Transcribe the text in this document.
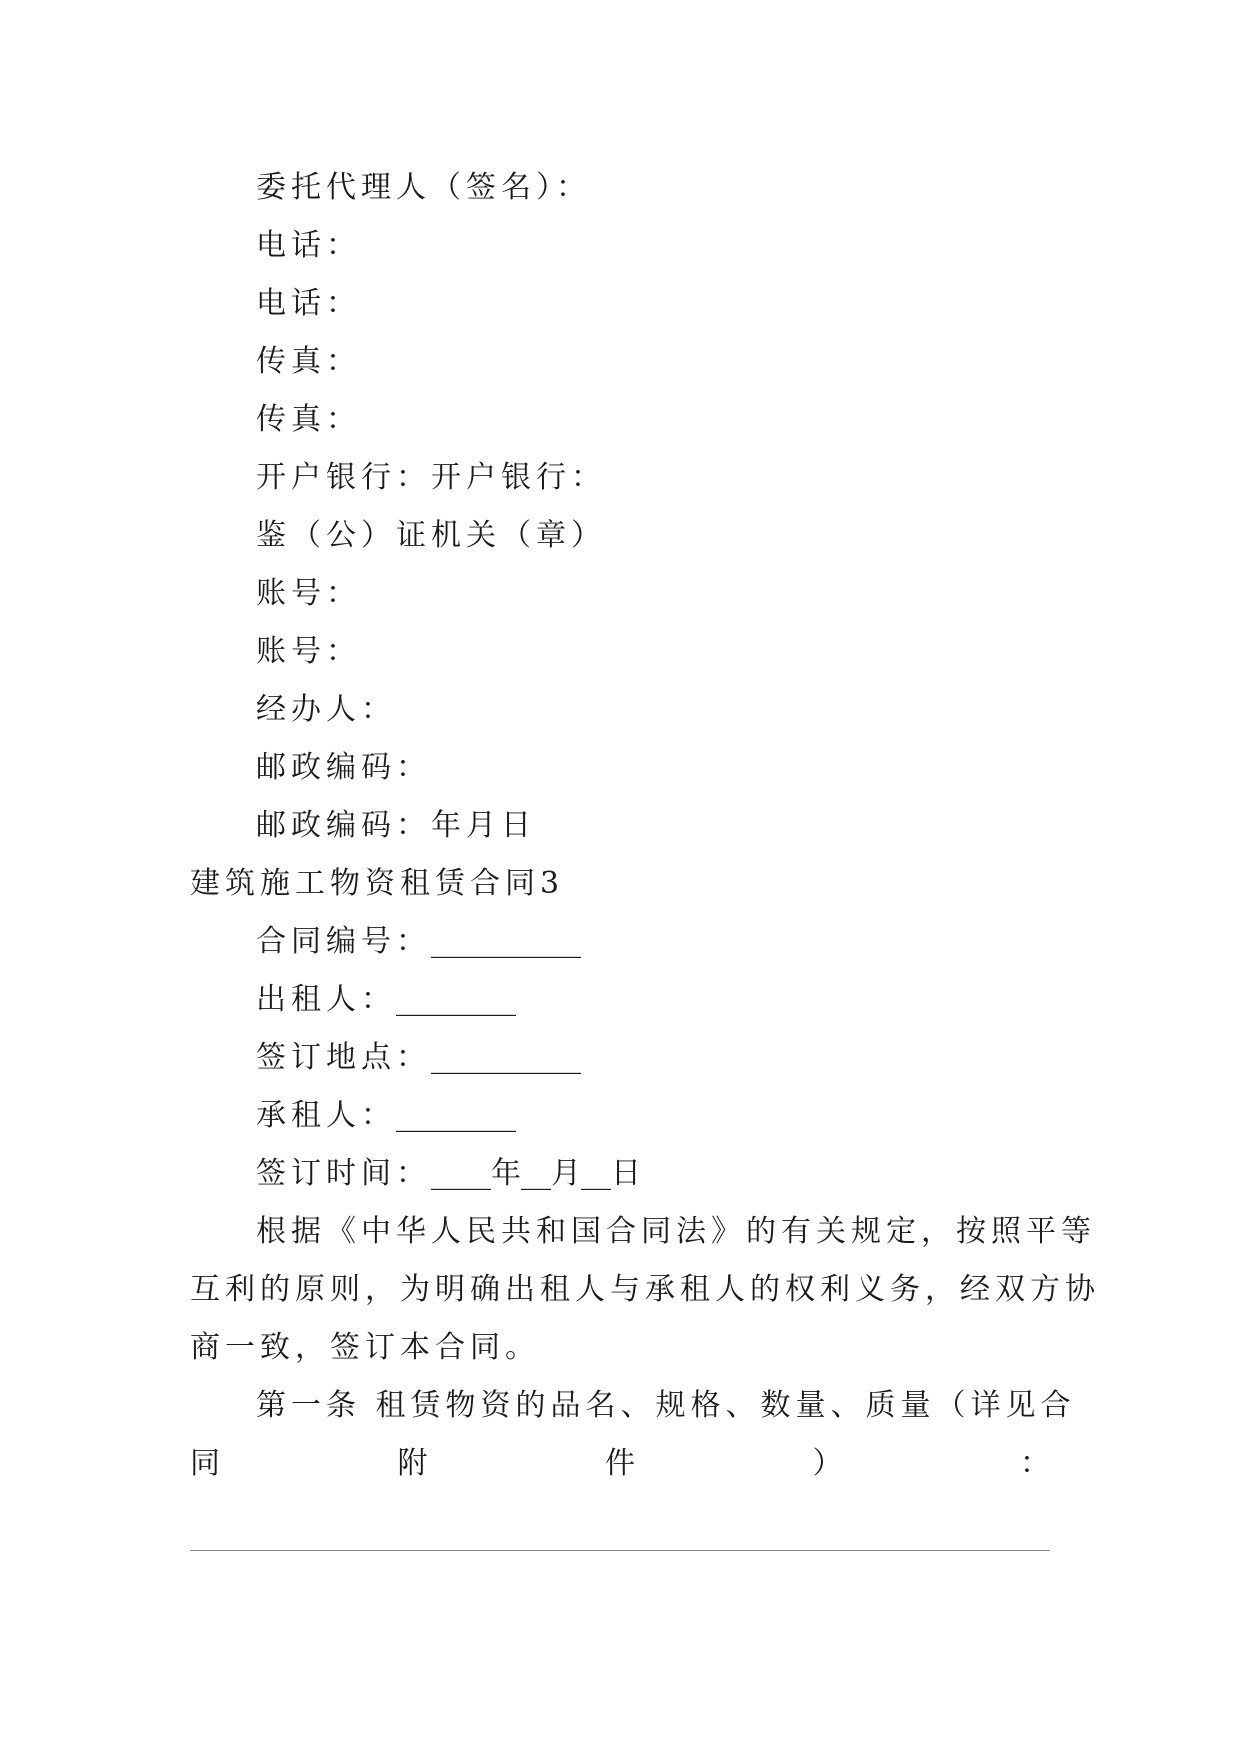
委托代理人（签名）：
电话：
电话：
传真：
传真：
开户银行：开户银行：
鉴（公）证机关（章）
账号：
账号：
经办人：
邮政编码：
邮政编码：年月日
建筑施工物资租赁合同3
合同编号：__________
出租人：________
签订地点：__________
承租人：________
签订时间：____年__月__日
根据《中华人民共和国合同法》的有关规定，按照平等
互利的原则，为明确出租人与承租人的权利义务，经双方协
商一致，签订本合同。
第一条 租赁物资的品名、规格、数量、质量（详见合
同	附	件	）	：
